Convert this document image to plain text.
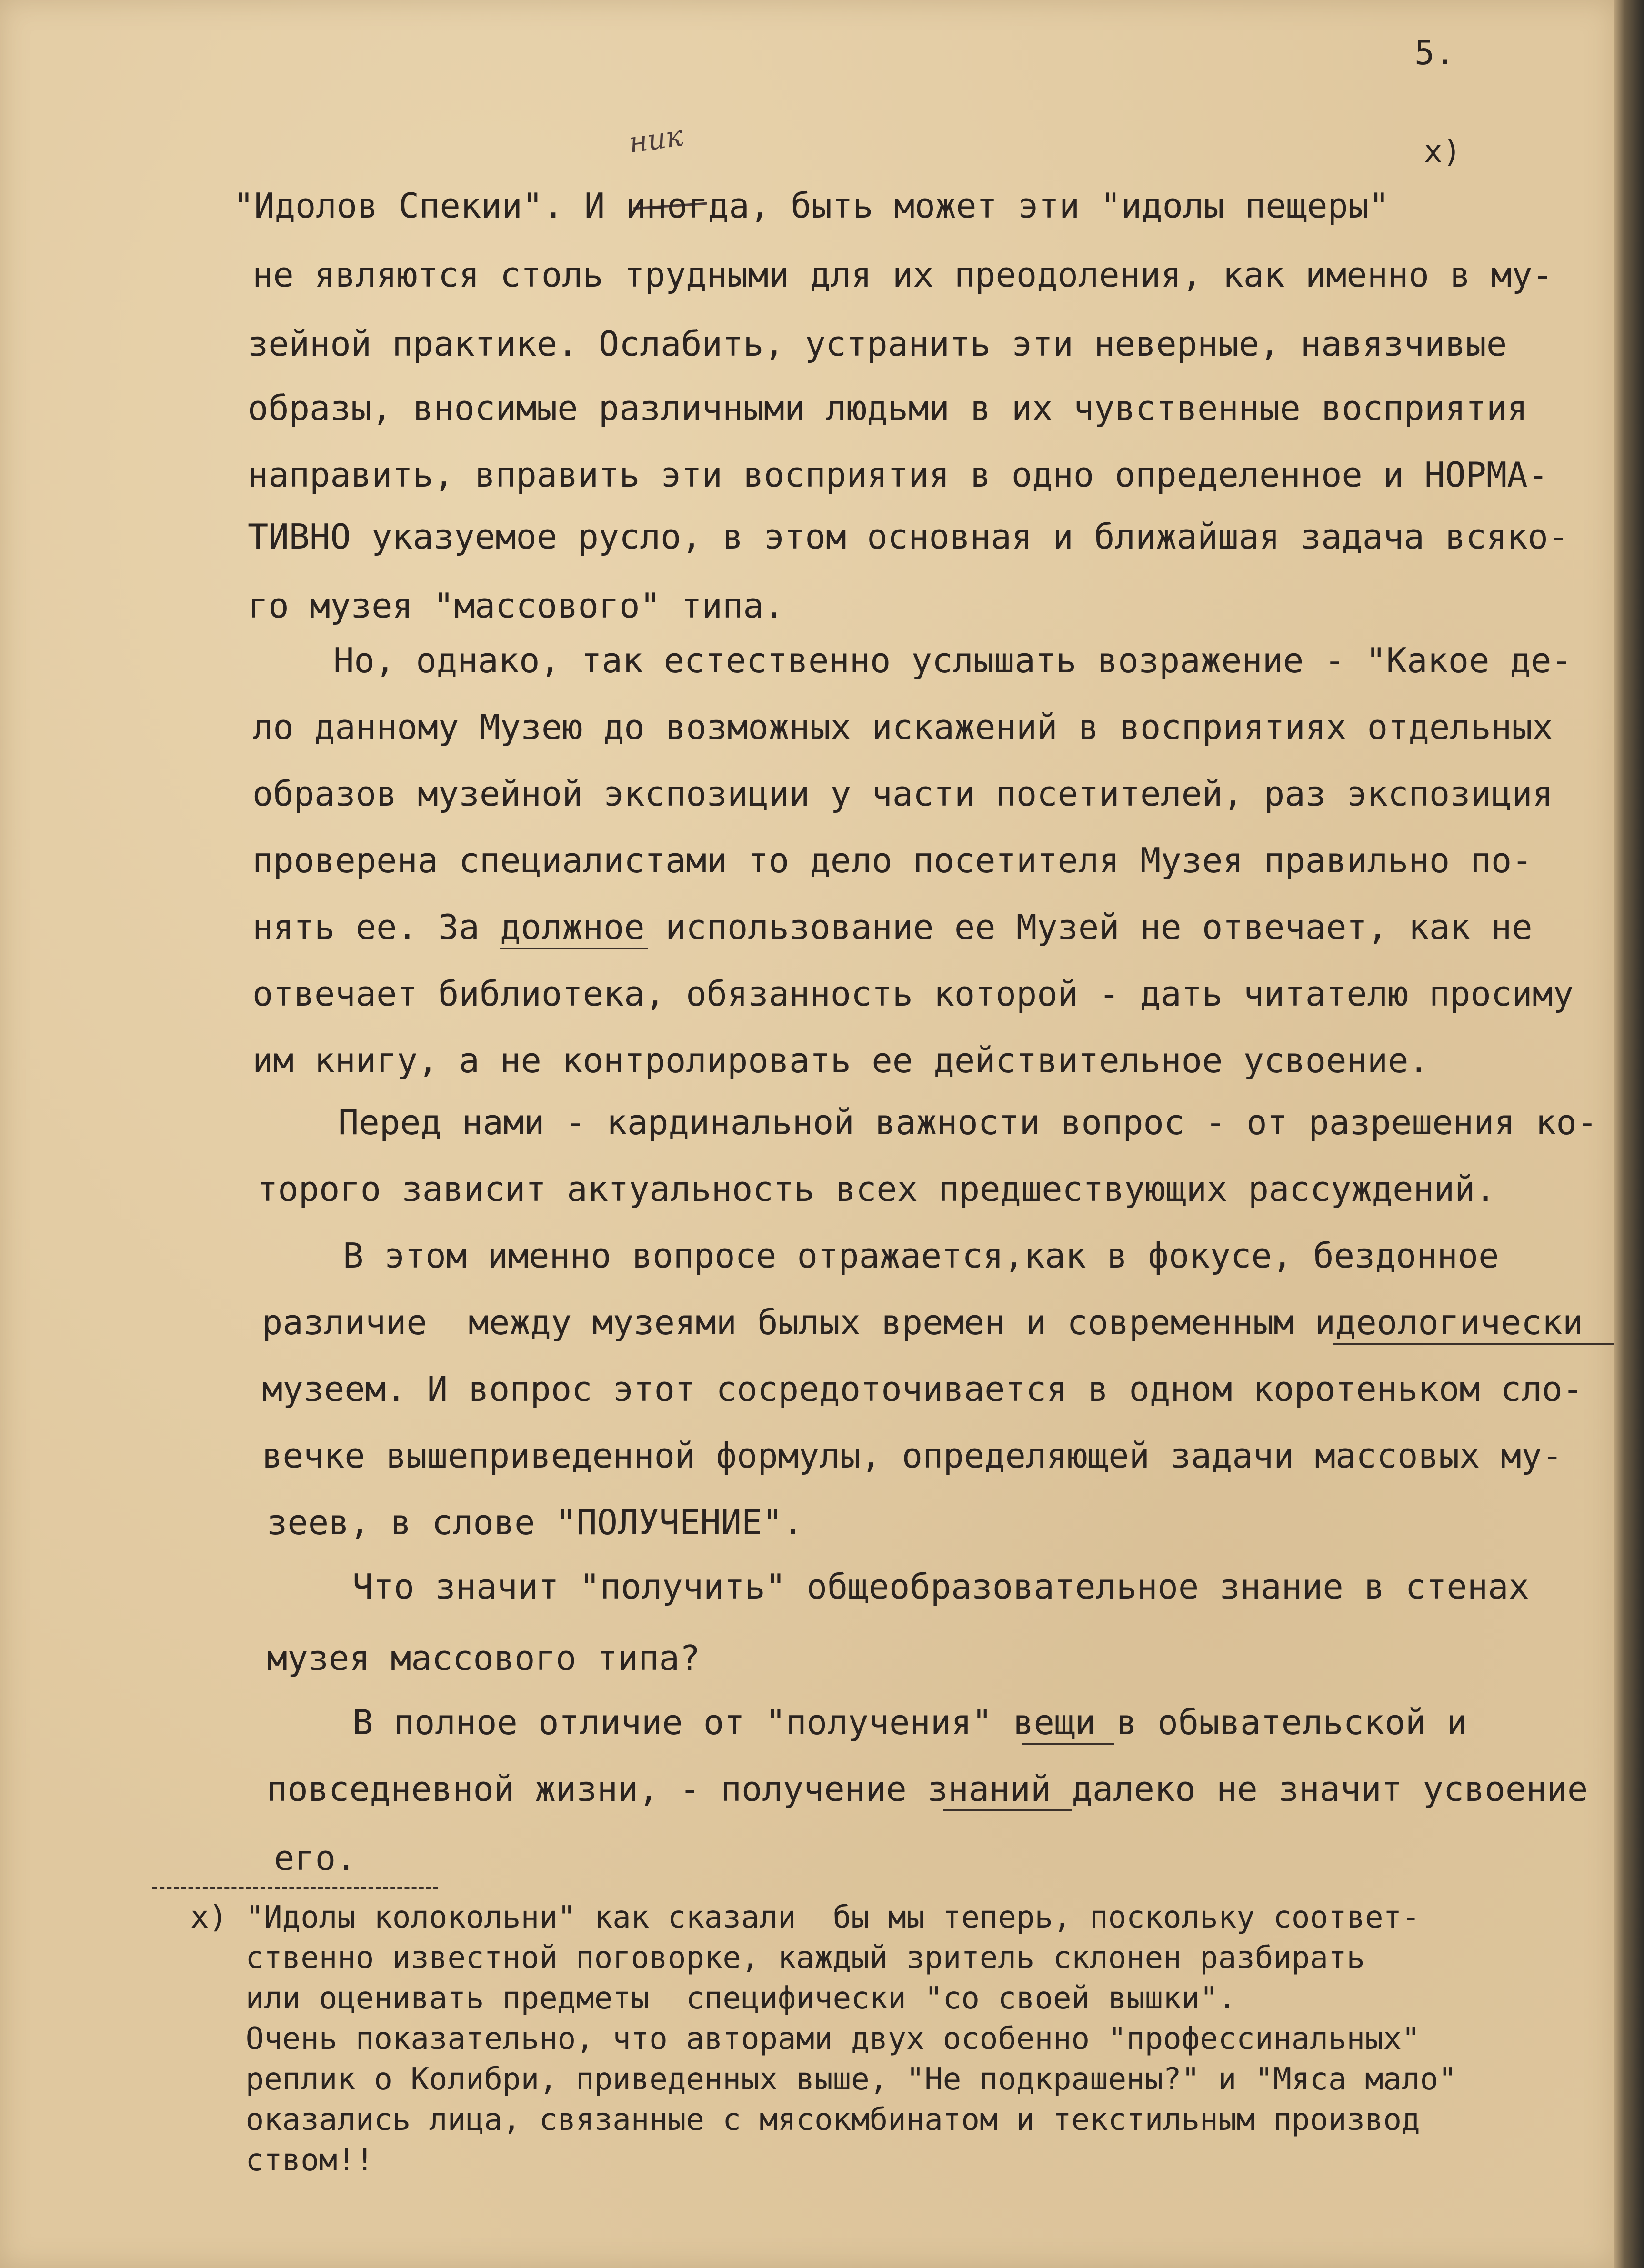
5.
x)
ник
"Идолов Спекии". И иногда, быть может эти "идолы пещеры"
не являются столь трудными для их преодоления, как именно в му-
зейной практике. Ослабить, устранить эти неверные, навязчивые
образы, вносимые различными людьми в их чувственные восприятия
направить, вправить эти восприятия в одно определенное и НОРМА-
ТИВНО указуемое русло, в этом основная и ближайшая задача всяко-
го музея "массового" типа.
Но, однако, так естественно услышать возражение - "Какое де-
ло данному Музею до возможных искажений в восприятиях отдельных
образов музейной экспозиции у части посетителей, раз экспозиция
проверена специалистами то дело посетителя Музея правильно по-
нять ее. За должное использование ее Музей не отвечает, как не
отвечает библиотека, обязанность которой - дать читателю просиму
им книгу, а не контролировать ее действительное усвоение.
Перед нами - кардинальной важности вопрос - от разрешения ко-
торого зависит актуальность всех предшествующих рассуждений.
В этом именно вопросе отражается,как в фокусе, бездонное
различие  между музеями былых времен и современным идеологически
музеем. И вопрос этот сосредоточивается в одном коротеньком сло-
вечке вышеприведенной формулы, определяющей задачи массовых му-
зеев, в слове "ПОЛУЧЕНИЕ".
Что значит "получить" общеобразовательное знание в стенах
музея массового типа?
В полное отличие от "получения" вещи в обывательской и
повседневной жизни, - получение знаний далеко не значит усвоение
его.
x) "Идолы колокольни" как сказали  бы мы теперь, поскольку соответ-
ственно известной поговорке, каждый зритель склонен разбирать
или оценивать предметы  специфически "со своей вышки".
Очень показательно, что авторами двух особенно "профессинальных"
реплик о Колибри, приведенных выше, "Не подкрашены?" и "Мяса мало"
оказались лица, связанные с мясокмбинатом и текстильным производ
ством!!
